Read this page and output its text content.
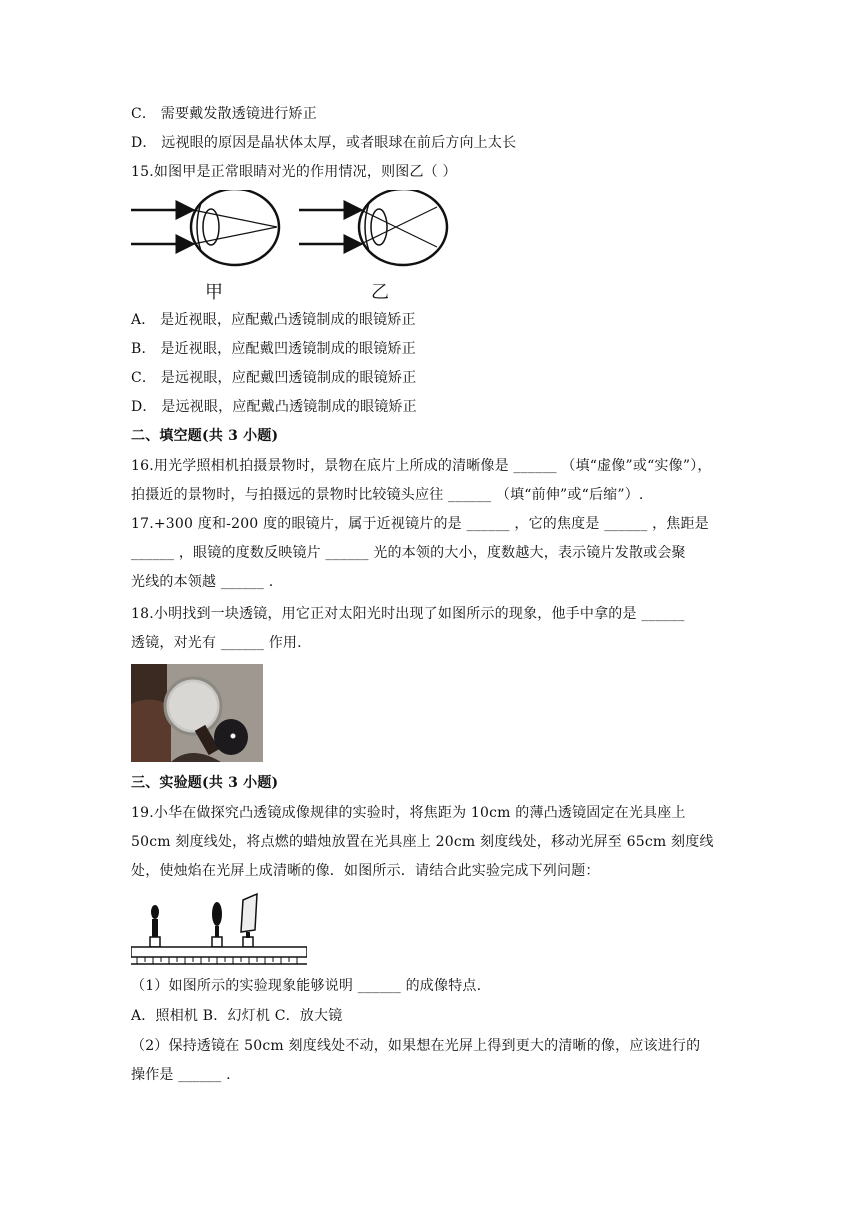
C． 需要戴发散透镜进行矫正
D． 远视眼的原因是晶状体太厚，或者眼球在前后方向上太长
15.如图甲是正常眼睛对光的作用情况，则图乙（ ）
甲	乙
A． 是近视眼，应配戴凸透镜制成的眼镜矫正
B． 是近视眼，应配戴凹透镜制成的眼镜矫正
C． 是远视眼，应配戴凹透镜制成的眼镜矫正
D． 是远视眼，应配戴凸透镜制成的眼镜矫正
二、填空题(共 3 小题)
16.用光学照相机拍摄景物时，景物在底片上所成的清晰像是 ______ （填“虚像”或“实像”），
拍摄近的景物时，与拍摄远的景物时比较镜头应往 ______ （填“前伸”或“后缩”）.
17.+300 度和-200 度的眼镜片，属于近视镜片的是 ______ ，它的焦度是 ______ ，焦距是
______ ，眼镜的度数反映镜片 ______ 光的本领的大小，度数越大，表示镜片发散或会聚
光线的本领越 ______ .
18.小明找到一块透镜，用它正对太阳光时出现了如图所示的现象，他手中拿的是 ______
透镜，对光有 ______ 作用.
三、实验题(共 3 小题)
19.小华在做探究凸透镜成像规律的实验时，将焦距为 10cm 的薄凸透镜固定在光具座上
50cm 刻度线处，将点燃的蜡烛放置在光具座上 20cm 刻度线处，移动光屏至 65cm 刻度线
处，使烛焰在光屏上成清晰的像．如图所示．请结合此实验完成下列问题：
（1）如图所示的实验现象能够说明 ______ 的成像特点.
A．照相机 B．幻灯机 C．放大镜
（2）保持透镜在 50cm 刻度线处不动，如果想在光屏上得到更大的清晰的像，应该进行的
操作是 ______ .
